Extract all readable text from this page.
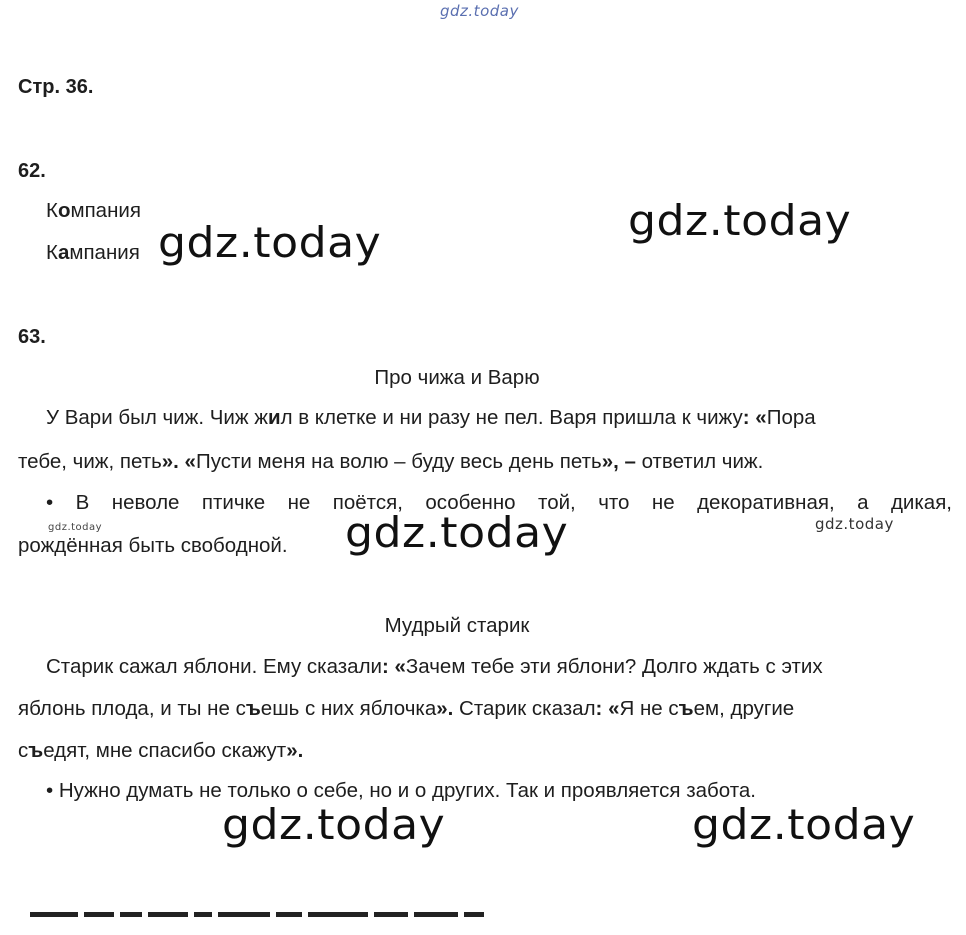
gdz.today
Стр. 36.
62.
Компания
Кампания gdz.today	gdz.today
63.
Про чижа и Варю
У Вари был чиж. Чиж жил в клетке и ни разу не пел. Варя пришла к чижу: «Пора
тебе, чиж, петь». «Пусти меня на волю – буду весь день петь», – ответил чиж.
• В неволе птичке не поётся, особенно той, что не декоративная, а дикая,
рождённая быть свободной.
gdz.today	gdz.today	gdz.today
Мудрый старик
Старик сажал яблони. Ему сказали: «Зачем тебе эти яблони? Долго ждать с этих
яблонь плода, и ты не съешь с них яблочка». Старик сказал: «Я не съем, другие
съедят, мне спасибо скажут».
• Нужно думать не только о себе, но и о других. Так и проявляется забота.
gdz.today	gdz.today
